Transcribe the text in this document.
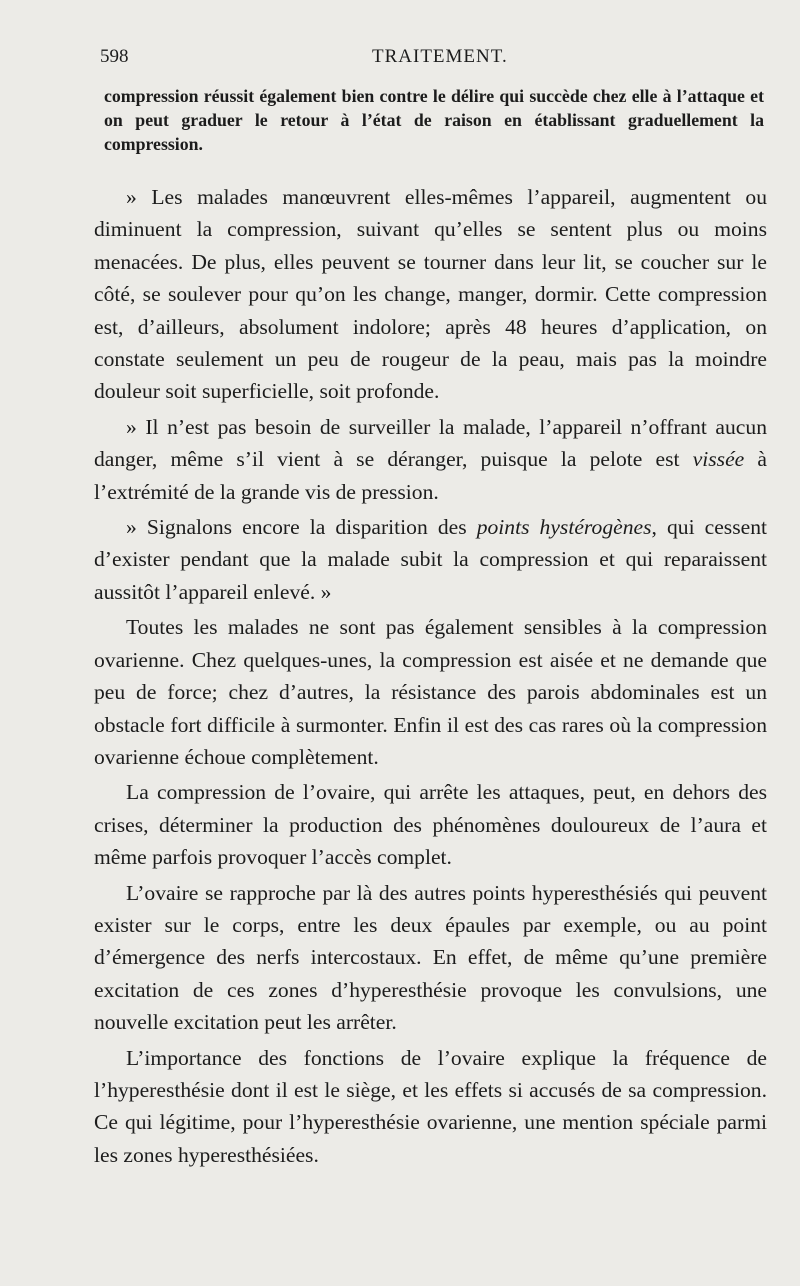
598	TRAITEMENT.
compression réussit également bien contre le délire qui succède chez elle à l’attaque et on peut graduer le retour à l’état de raison en établissant graduellement la compression.

» Les malades manœuvrent elles-mêmes l’appareil, augmentent ou diminuent la compression, suivant qu’elles se sentent plus ou moins menacées. De plus, elles peuvent se tourner dans leur lit, se coucher sur le côté, se soulever pour qu’on les change, manger, dormir. Cette compression est, d’ailleurs, absolument indolore; après 48 heures d’application, on constate seulement un peu de rougeur de la peau, mais pas la moindre douleur soit superficielle, soit profonde.

» Il n’est pas besoin de surveiller la malade, l’appareil n’offrant aucun danger, même s’il vient à se déranger, puisque la pelote est vissée à l’extrémité de la grande vis de pression.

» Signalons encore la disparition des points hystérogènes, qui cessent d’exister pendant que la malade subit la compression et qui reparaissent aussitôt l’appareil enlevé. »

Toutes les malades ne sont pas également sensibles à la compression ovarienne. Chez quelques-unes, la compression est aisée et ne demande que peu de force; chez d’autres, la résistance des parois abdominales est un obstacle fort difficile à surmonter. Enfin il est des cas rares où la compression ovarienne échoue complètement.

La compression de l’ovaire, qui arrête les attaques, peut, en dehors des crises, déterminer la production des phénomènes douloureux de l’aura et même parfois provoquer l’accès complet.

L’ovaire se rapproche par là des autres points hyperesthésiés qui peuvent exister sur le corps, entre les deux épaules par exemple, ou au point d’émergence des nerfs intercostaux. En effet, de même qu’une première excitation de ces zones d’hyperesthésie provoque les convulsions, une nouvelle excitation peut les arrêter.

L’importance des fonctions de l’ovaire explique la fréquence de l’hyperesthésie dont il est le siège, et les effets si accusés de sa compression. Ce qui légitime, pour l’hyperesthésie ovarienne, une mention spéciale parmi les zones hyperesthésiées.
